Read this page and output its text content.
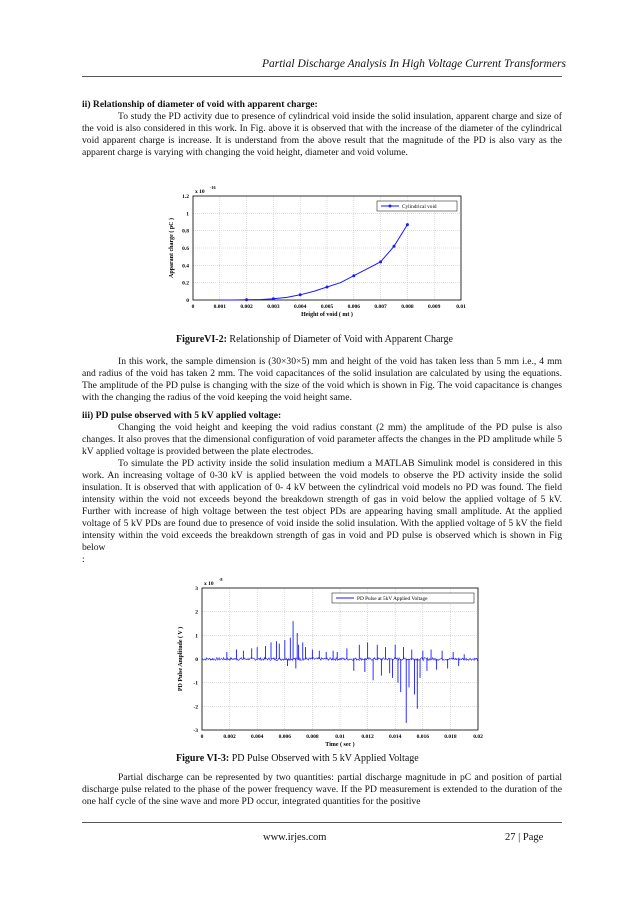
Partial Discharge Analysis In High Voltage Current Transformers
ii) Relationship of diameter of void with apparent charge:

To study the PD activity due to presence of cylindrical void inside the solid insulation, apparent charge and size of the void is also considered in this work. In Fig. above it is observed that with the increase of the diameter of the cylindrical void apparent charge is increase. It is understand from the above result that the magnitude of the PD is also vary as the apparent charge is varying with changing the void height, diameter and void volume.

0	0.001	0.002	0.003	0.004	0.005	0.006	0.007	0.008	0.009	0.01
0
0.2
0.4
0.6
0.8
1
1.2
x 10
-16
Height of void ( mt )
Apparant charge ( pC )
Cylindrical void
FigureVI-2: Relationship of Diameter of Void with Apparent Charge

In this work, the sample dimension is (30×30×5) mm and height of the void has taken less than 5 mm i.e., 4 mm and radius of the void has taken 2 mm. The void capacitances of the solid insulation are calculated by using the equations. The amplitude of the PD pulse is changing with the size of the void which is shown in Fig. The void capacitance is changes with the changing the radius of the void keeping the void height same.

iii) PD pulse observed with 5 kV applied voltage:

Changing the void height and keeping the void radius constant (2 mm) the amplitude of the PD pulse is also changes. It also proves that the dimensional configuration of void parameter affects the changes in the PD amplitude while 5 kV applied voltage is provided between the plate electrodes.

To simulate the PD activity inside the solid insulation medium a MATLAB Simulink model is considered in this work. An increasing voltage of 0-30 kV is applied between the void models to observe the PD activity inside the solid insulation. It is observed that with application of 0- 4 kV between the cylindrical void models no PD was found. The field intensity within the void not exceeds beyond the breakdown strength of gas in void below the applied voltage of 5 kV. Further with increase of high voltage between the test object PDs are appearing having small amplitude. At the applied voltage of 5 kV PDs are found due to presence of void inside the solid insulation. With the applied voltage of 5 kV the field intensity within the void exceeds the breakdown strength of gas in void and PD pulse is observed which is shown in Fig below

:
0	0.002	0.004	0.006	0.008	0.01	0.012	0.014	0.016	0.018	0.02
3
2
1
0
-1
-2
-3
x 10
-8
Time ( sec )
PD Pulse Amplitude ( V )
PD Pulse at 5kV Applied Voltage
Figure VI-3: PD Pulse Observed with 5 kV Applied Voltage

Partial discharge can be represented by two quantities: partial discharge magnitude in pC and position of partial discharge pulse related to the phase of the power frequency wave. If the PD measurement is extended to the duration of the one half cycle of the sine wave and more PD occur, integrated quantities for the positive

www.irjes.com	27 | Page
